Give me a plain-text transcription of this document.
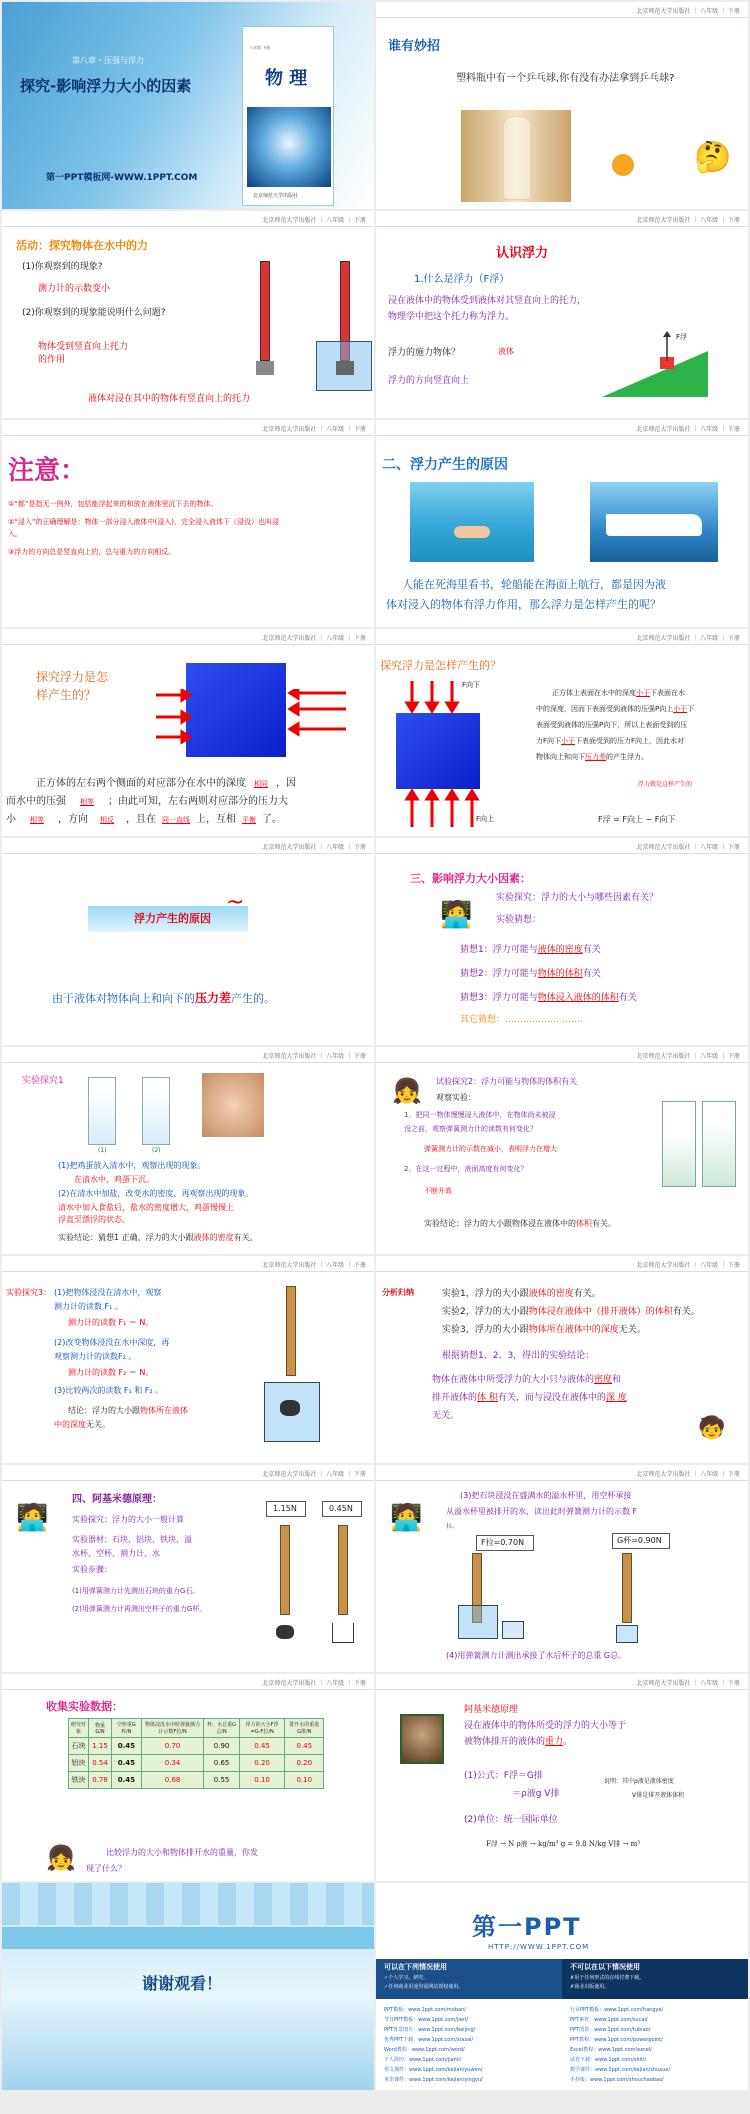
第八章・压强与浮力
探究-影响浮力大小的因素
第一PPT模板网-WWW.1PPT.COM
八年级 下册
物 理
北京师范大学出版社
北京师范大学出版社 ｜ 八年级 ｜ 下册
谁有妙招
塑料瓶中有一个乒乓球,你有没有办法拿到乒乓球?
🤔
北京师范大学出版社 ｜ 八年级 ｜ 下册
活动：探究物体在水中的力
(1)你观察到的现象?
测力计的示数变小
(2)你观察到的现象能说明什么问题?
物体受到竖直向上托力
的作用
液体对浸在其中的物体有竖直向上的托力
北京师范大学出版社 ｜ 八年级 ｜ 下册
认识浮力
1.什么是浮力（F浮）
浸在液体中的物体受到液体对其竖直向上的托力，
物理学中把这个托力称为浮力。
浮力的施力物体？	液体
浮力的方向竖直向上
F浮
北京师范大学出版社 ｜ 八年级 ｜ 下册
注意：
①“都”是指无一例外，包括能浮起来的和放在液体里沉下去的物体。
②“浸入”的正确理解是：物体一部分浸入液体中(浸入)，完全浸入液体下（浸没）也叫浸
入。
③浮力的方向总是竖直向上的，总与重力的方向相反。
北京师范大学出版社 ｜ 八年级 ｜ 下册
二、浮力产生的原因
人能在死海里看书，轮船能在海面上航行，都是因为液
体对浸入的物体有浮力作用，那么浮力是怎样产生的呢？
北京师范大学出版社 ｜ 八年级 ｜ 下册
探究浮力是怎
样产生的？
正方体的左右两个侧面的对应部分在水中的深度 相同 ，因
而水中的压强 相等 ；由此可知，左右两则对应部分的压力大
小 相等 ，方向 相反 ，且在 同一直线 上，互相 平衡 了。
北京师范大学出版社 ｜ 八年级 ｜ 下册
探究浮力是怎样产生的？
F向下
F向上
正方体上表面在水中的深度小于下表面在水
中的深度，因而下表面受到液体的压强P向上小于下
表面受到液体的压强P向下，所以上表面受到的压
力F向下小于下表面受到的压力F向上，因此水对
物体向上和向下压力差的产生浮力。
浮力就是这样产生的
F浮 = F向上 − F向下
北京师范大学出版社 ｜ 八年级 ｜ 下册
浮力产生的原因
~
由于液体对物体向上和向下的压力差产生的。
北京师范大学出版社 ｜ 八年级 ｜ 下册
三、影响浮力大小因素：
🧑‍💻
实验探究：浮力的大小与哪些因素有关？
实验猜想：
猜想1：浮力可能与液体的密度有关
猜想2：浮力可能与物体的体积有关
猜想3：浮力可能与物体浸入液体的体积有关
其它猜想：……………… …….
北京师范大学出版社 ｜ 八年级 ｜ 下册
实验探究1
(1)	(2)
(1)把鸡蛋放入清水中，观察出现的现象。
在清水中，鸡蛋下沉。
(2)在清水中加盐，改变水的密度，再观察出现的现象。
清水中加入食盐后，盐水的密度增大，鸡蛋慢慢上
浮直至漂浮的状态。
实验结论：猜想1 正确，浮力的大小跟液体的密度有关。
北京师范大学出版社 ｜ 八年级 ｜ 下册
👧 试验探究2：浮力可能与物体的体积有关
观察实验：
1、把同一物体慢慢浸入液体中，在物体尚未被浸
没之前，观察弹簧测力计的读数有何变化？
弹簧测力计的示数在减小，表明浮力在增大
2、在这一过程中，液面高度有何变化？
不断升高
实验结论：浮力的大小跟物体浸在液体中的体积有关。
北京师范大学出版社 ｜ 八年级 ｜ 下册
实验探究3： (1)把物体浸没在清水中，观察
测力计的读数 F₁ 。
测力计的读数 F₁ ＝ N。
(2)改变物体浸没在水中深度，再
观察测力计的读数F₂ 。
测力计的读数 F₂ ＝ N。
(3)比较两次的读数 F₁ 和 F₂ 。
结论：浮力的大小跟物体所在液体
中的深度无关。
北京师范大学出版社 ｜ 八年级 ｜ 下册
分析归纳	实验1，浮力的大小跟液体的密度有关。
实验2，浮力的大小跟物体浸在液体中（排开液体）的体积有关。
实验3，浮力的大小跟物体所在液体中的深度无关。
根据猜想1、2、3，得出的实验结论：
物体在液体中所受浮力的大小只与液体的密度和
排开液体的体 积有关，而与浸没在液体中的深 度
无关。	🧒
北京师范大学出版社 ｜ 八年级 ｜ 下册
🧑‍💻
四、阿基米德原理：
实验探究：浮力的大小一般计算
实验器材：石块、铝块、铁块、溢
水杯、空杯、测力计、水
实验步骤：
(1)用弹簧测力计先测出石块的重力G石。
(2)用弹簧测力计再测出空杯子的重力G杯。
1.15N	0.45N
北京师范大学出版社 ｜ 八年级 ｜ 下册
🧑‍💻
(3)把石块浸没在盛满水的溢水杯里，用空杯承接
从溢水杯里被排开的水，读出此时弹簧测力计的示数 F
拉。
F拉=0.70N	G杯=0.90N
(4)用弹簧测力计测出承接了水后杯子的总重 G总。
北京师范大学出版社 ｜ 八年级 ｜ 下册
收集实验数据：
研究对象	物重G/N	空杯重G杯/N	物体浸没水中时弹簧测力计示数F拉/N	杯、水总重G总/N	浮力的大小F浮=G-F拉/N	排开水的重量G排/N
石块	1.15	0.45	0.70	0.90	0.45	0.45
铝块	0.54	0.45	0.34	0.65	0.20	0.20
铁块	0.78	0.45	0.68	0.55	0.10	0.10
👧	比较浮力的大小和物体排开水的重量，你发
现了什么？
北京师范大学出版社 ｜ 八年级 ｜ 下册
阿基米德原理
浸在液体中的物体所受的浮力的大小等于
被物体排开的液体的重力。
(1)公式：F浮＝G排
＝ρ液g V排
说明：其中ρ液是液体密度
V排是排开液体体积
(2)单位：统一国际单位
F浮 → N ρ液 → kg/m³ g = 9.8 N/kg V排 → m³
谢谢观看！
第一PPT
HTTP://WWW.1PPT.COM
可以在下列情况使用
✓个人学习、研究。
✓任何商业用途均需网站授权使用。
不可以在以下情况使用
✗用于任何形式的在线付费下载。
✗商业出版使用。
PPT模板：www.1ppt.com/moban/
节日PPT模板：www.1ppt.com/jieri/
PPT背景图片：www.1ppt.com/beijing/
优秀PPT下载：www.1ppt.com/xiazai/
Word教程：www.1ppt.com/word/
个人简历：www.1ppt.com/jianli/
语文课件：www.1ppt.com/kejian/yuwen/
英语课件：www.1ppt.com/kejian/yingyu/
行业PPT模板：www.1ppt.com/hangye/
PPT素材：www.1ppt.com/sucai/
PPT图表：www.1ppt.com/tubiao/
PPT教程：www.1ppt.com/powerpoint/
Excel教程：www.1ppt.com/excel/
试卷下载：www.1ppt.com/shiti/
数学课件：www.1ppt.com/kejian/shuxue/
手抄报：www.1ppt.com/shouchaobao/
